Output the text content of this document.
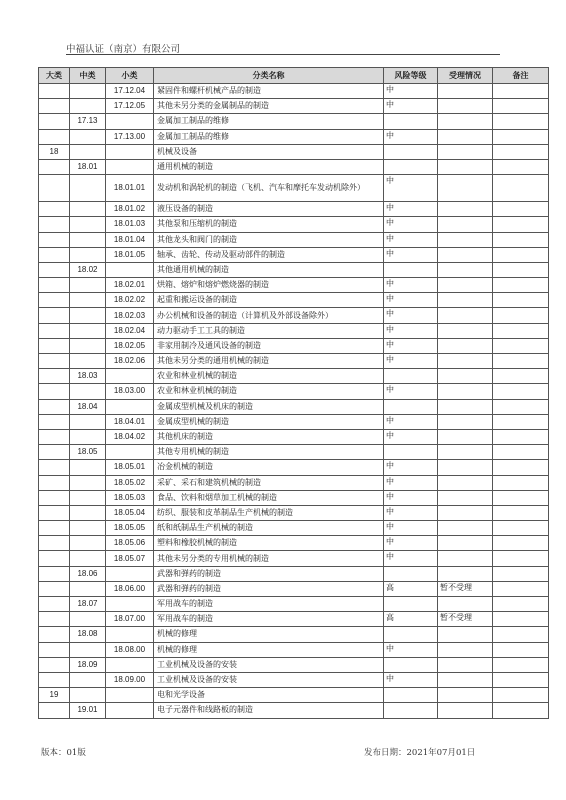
中福认证（南京）有限公司
大类	中类	小类	分类名称	风险等级	受理情况	备注
		17.12.04	紧固件和螺杆机械产品的制造	中		
		17.12.05	其他未另分类的金属制品的制造	中		
	17.13		金属加工制品的维修			
		17.13.00	金属加工制品的维修	中		
18			机械及设备			
	18.01		通用机械的制造			
		18.01.01	发动机和涡轮机的制造（飞机、汽车和摩托车发动机除外）	中		
		18.01.02	液压设备的制造	中		
		18.01.03	其他泵和压缩机的制造	中		
		18.01.04	其他龙头和阀门的制造	中		
		18.01.05	轴承、齿轮、传动及驱动部件的制造	中		
	18.02		其他通用机械的制造			
		18.02.01	烘箱、熔炉和熔炉燃烧器的制造	中		
		18.02.02	起重和搬运设备的制造	中		
		18.02.03	办公机械和设备的制造（计算机及外部设备除外）	中		
		18.02.04	动力驱动手工工具的制造	中		
		18.02.05	非家用制冷及通风设备的制造	中		
		18.02.06	其他未另分类的通用机械的制造	中		
	18.03		农业和林业机械的制造			
		18.03.00	农业和林业机械的制造	中		
	18.04		金属成型机械及机床的制造			
		18.04.01	金属成型机械的制造	中		
		18.04.02	其他机床的制造	中		
	18.05		其他专用机械的制造			
		18.05.01	冶金机械的制造	中		
		18.05.02	采矿、采石和建筑机械的制造	中		
		18.05.03	食品、饮料和烟草加工机械的制造	中		
		18.05.04	纺织、服装和皮革制品生产机械的制造	中		
		18.05.05	纸和纸制品生产机械的制造	中		
		18.05.06	塑料和橡胶机械的制造	中		
		18.05.07	其他未另分类的专用机械的制造	中		
	18.06		武器和弹药的制造			
		18.06.00	武器和弹药的制造	高	暂不受理	
	18.07		军用战车的制造			
		18.07.00	军用战车的制造	高	暂不受理	
	18.08		机械的修理			
		18.08.00	机械的修理	中		
	18.09		工业机械及设备的安装			
		18.09.00	工业机械及设备的安装	中		
19			电和光学设备			
	19.01		电子元器件和线路板的制造			
版本：01版	发布日期：2021年07月01日
